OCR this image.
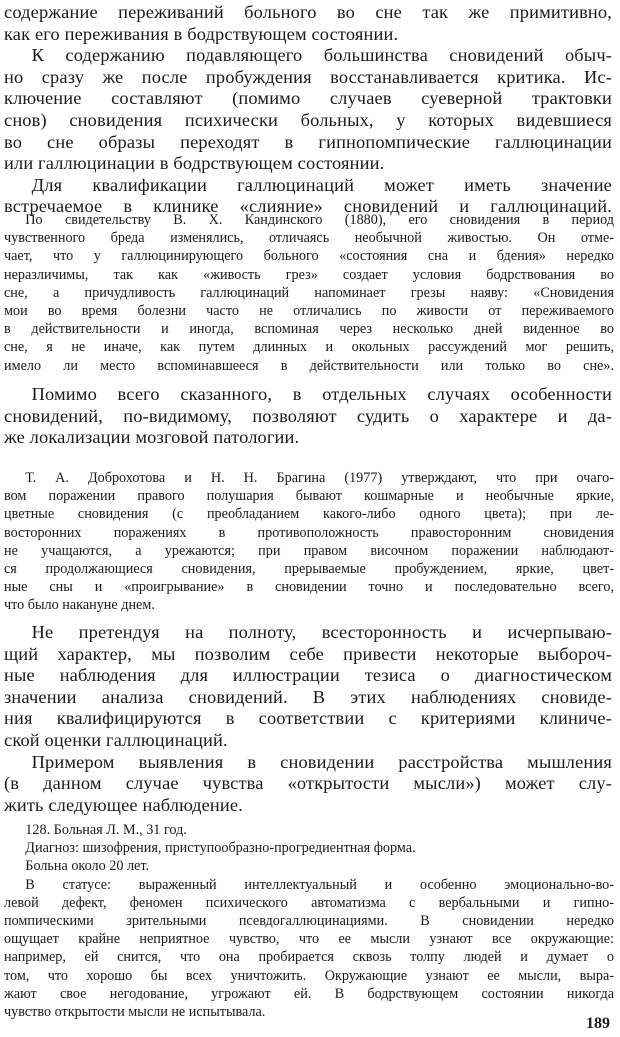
содержание переживаний больного во сне так же примитивно,
как его переживания в бодрствующем состоянии.
К содержанию подавляющего большинства сновидений обыч-
но сразу же после пробуждения восстанавливается критика. Ис-
ключение составляют (помимо случаев суеверной трактовки
снов) сновидения психически больных, у которых видевшиеся
во сне образы переходят в гипнопомпические галлюцинации
или галлюцинации в бодрствующем состоянии.
Для квалификации галлюцинаций может иметь значение
встречаемое в клинике «слияние» сновидений и галлюцинаций.
По свидетельству В. Х. Кандинского (1880), его сновидения в период
чувственного бреда изменялись, отличаясь необычной живостью. Он отме-
чает, что у галлюцинирующего больного «состояния сна и бдения» нередко
неразличимы, так как «живость грез» создает условия бодрствования во
сне, а причудливость галлюцинаций напоминает грезы наяву: «Сновидения
мои во время болезни часто не отличались по живости от переживаемого
в действительности и иногда, вспоминая через несколько дней виденное во
сне, я не иначе, как путем длинных и окольных рассуждений мог решить,
имело ли место вспоминавшееся в действительности или только во сне».
Помимо всего сказанного, в отдельных случаях особенности
сновидений, по-видимому, позволяют судить о характере и да-
же локализации мозговой патологии.
Т. А. Доброхотова и Н. Н. Брагина (1977) утверждают, что при очаго-
вом поражении правого полушария бывают кошмарные и необычные яркие,
цветные сновидения (с преобладанием какого-либо одного цвета); при ле-
восторонних поражениях в противоположность правосторонним сновидения
не учащаются, а урежаются; при правом височном поражении наблюдают-
ся продолжающиеся сновидения, прерываемые пробуждением, яркие, цвет-
ные сны и «проигрывание» в сновидении точно и последовательно всего,
что было накануне днем.
Не претендуя на полноту, всесторонность и исчерпываю-
щий характер, мы позволим себе привести некоторые выбороч-
ные наблюдения для иллюстрации тезиса о диагностическом
значении анализа сновидений. В этих наблюдениях сновиде-
ния квалифицируются в соответствии с критериями клиниче-
ской оценки галлюцинаций.
Примером выявления в сновидении расстройства мышления
(в данном случае чувства «открытости мысли») может слу-
жить следующее наблюдение.
128. Больная Л. М., 31 год.
Диагноз: шизофрения, приступообразно-прогредиентная форма.
Больна около 20 лет.
В статусе: выраженный интеллектуальный и особенно эмоционально-во-
левой дефект, феномен психического автоматизма с вербальными и гипно-
помпическими зрительными псевдогаллюцинациями. В сновидении нередко
ощущает крайне неприятное чувство, что ее мысли узнают все окружающие:
например, ей снится, что она пробирается сквозь толпу людей и думает о
том, что хорошо бы всех уничтожить. Окружающие узнают ее мысли, выра-
жают свое негодование, угрожают ей. В бодрствующем состоянии никогда
чувство открытости мысли не испытывала.
189
